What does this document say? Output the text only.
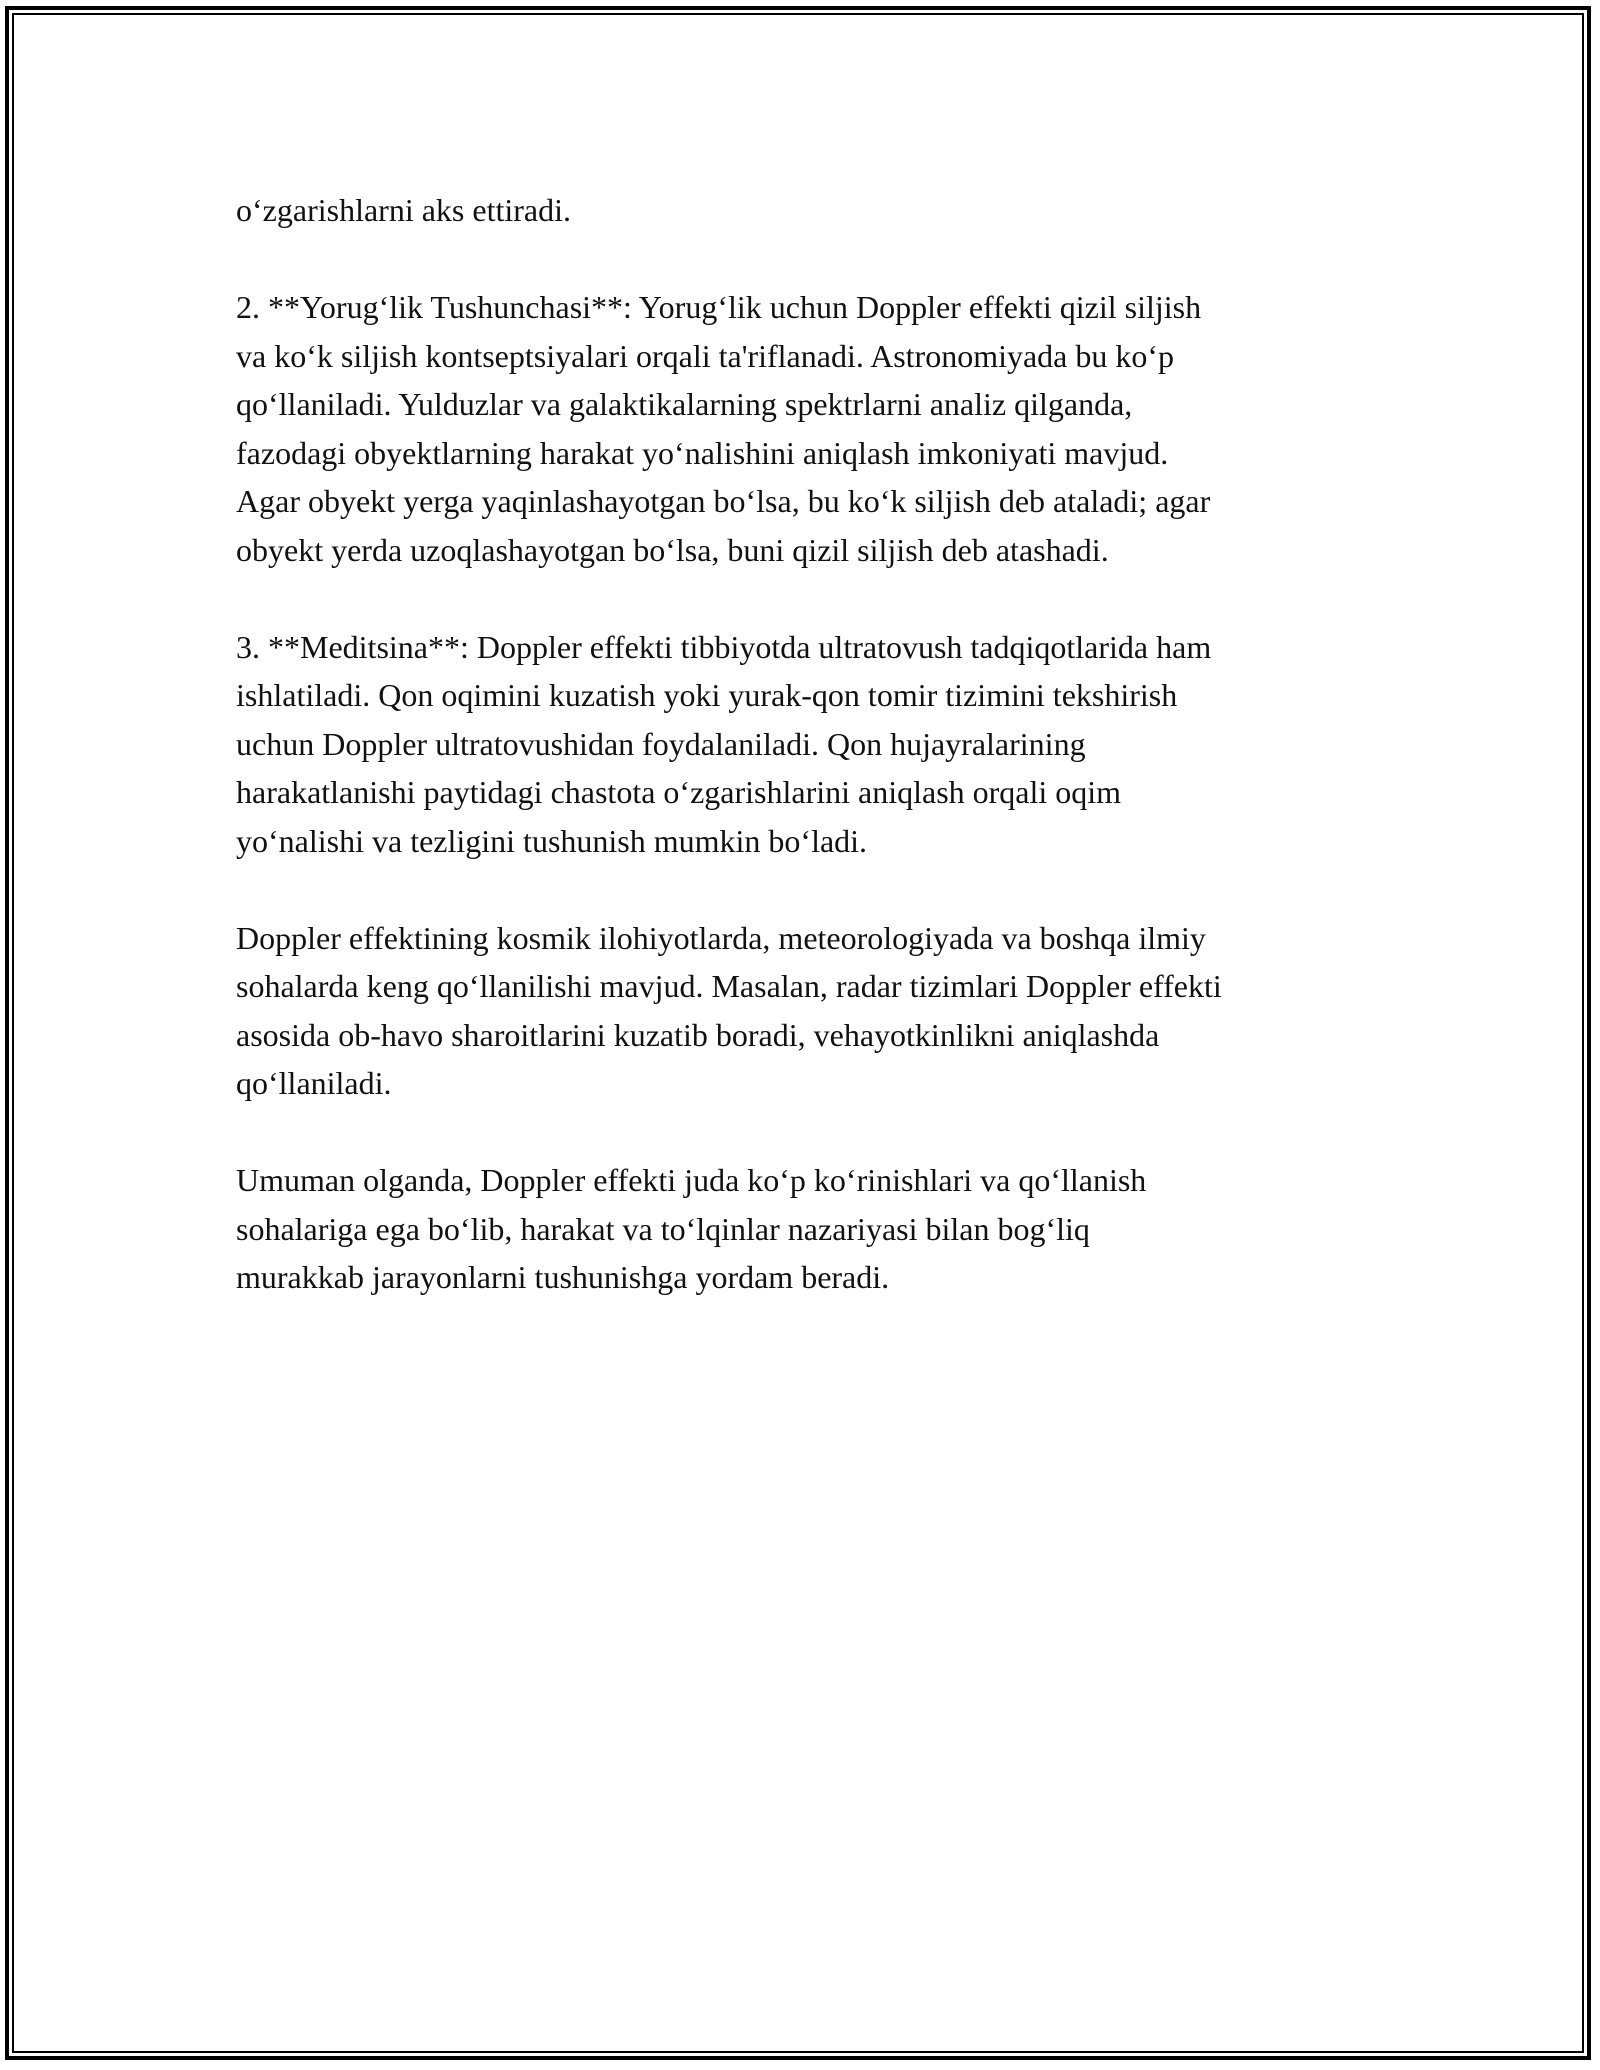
o‘zgarishlarni aks ettiradi.

2. **Yorug‘lik Tushunchasi**: Yorug‘lik uchun Doppler effekti qizil siljish
va ko‘k siljish kontseptsiyalari orqali ta'riflanadi. Astronomiyada bu ko‘p
qo‘llaniladi. Yulduzlar va galaktikalarning spektrlarni analiz qilganda,
fazodagi obyektlarning harakat yo‘nalishini aniqlash imkoniyati mavjud.
Agar obyekt yerga yaqinlashayotgan bo‘lsa, bu ko‘k siljish deb ataladi; agar
obyekt yerda uzoqlashayotgan bo‘lsa, buni qizil siljish deb atashadi.

3. **Meditsina**: Doppler effekti tibbiyotda ultratovush tadqiqotlarida ham
ishlatiladi. Qon oqimini kuzatish yoki yurak-qon tomir tizimini tekshirish
uchun Doppler ultratovushidan foydalaniladi. Qon hujayralarining
harakatlanishi paytidagi chastota o‘zgarishlarini aniqlash orqali oqim
yo‘nalishi va tezligini tushunish mumkin bo‘ladi.

Doppler effektining kosmik ilohiyotlarda, meteorologiyada va boshqa ilmiy
sohalarda keng qo‘llanilishi mavjud. Masalan, radar tizimlari Doppler effekti
asosida ob-havo sharoitlarini kuzatib boradi, vehayotkinlikni aniqlashda
qo‘llaniladi.

Umuman olganda, Doppler effekti juda ko‘p ko‘rinishlari va qo‘llanish
sohalariga ega bo‘lib, harakat va to‘lqinlar nazariyasi bilan bog‘liq
murakkab jarayonlarni tushunishga yordam beradi.
